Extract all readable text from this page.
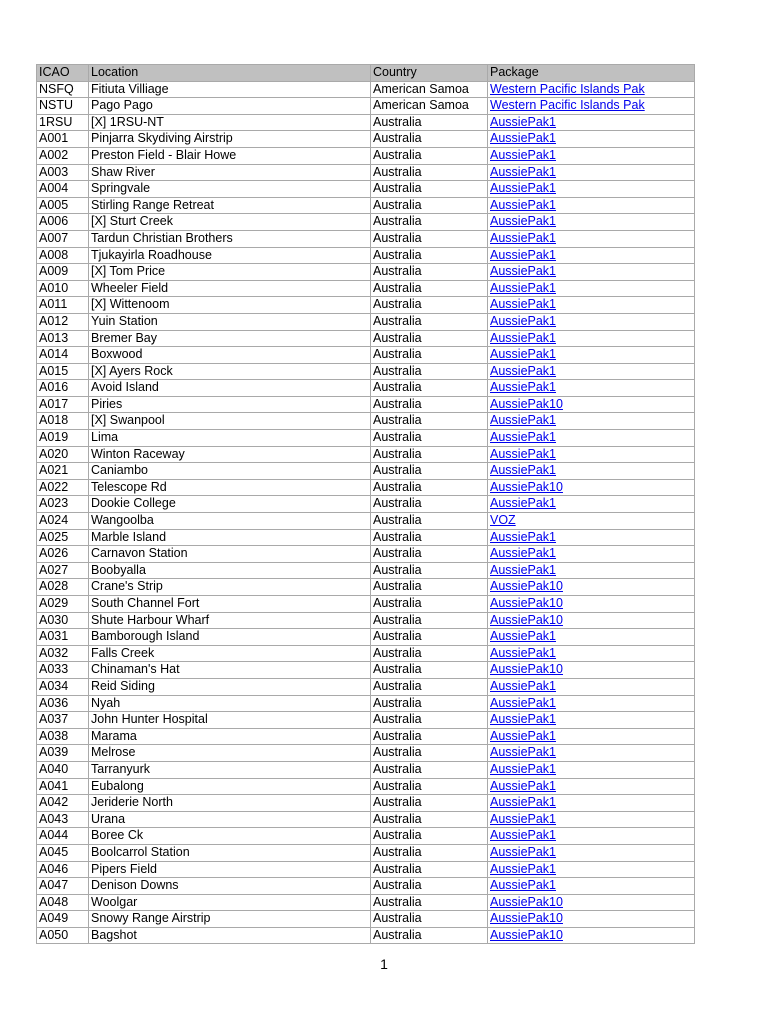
ICAO	Location	Country	Package
NSFQ	Fitiuta Villiage	American Samoa	Western Pacific Islands Pak
NSTU	Pago Pago	American Samoa	Western Pacific Islands Pak
1RSU	[X] 1RSU-NT	Australia	AussiePak1
A001	Pinjarra Skydiving Airstrip	Australia	AussiePak1
A002	Preston Field - Blair Howe	Australia	AussiePak1
A003	Shaw River	Australia	AussiePak1
A004	Springvale	Australia	AussiePak1
A005	Stirling Range Retreat	Australia	AussiePak1
A006	[X] Sturt Creek	Australia	AussiePak1
A007	Tardun Christian Brothers	Australia	AussiePak1
A008	Tjukayirla Roadhouse	Australia	AussiePak1
A009	[X] Tom Price	Australia	AussiePak1
A010	Wheeler Field	Australia	AussiePak1
A011	[X] Wittenoom	Australia	AussiePak1
A012	Yuin Station	Australia	AussiePak1
A013	Bremer Bay	Australia	AussiePak1
A014	Boxwood	Australia	AussiePak1
A015	[X] Ayers Rock	Australia	AussiePak1
A016	Avoid Island	Australia	AussiePak1
A017	Piries	Australia	AussiePak10
A018	[X] Swanpool	Australia	AussiePak1
A019	Lima	Australia	AussiePak1
A020	Winton Raceway	Australia	AussiePak1
A021	Caniambo	Australia	AussiePak1
A022	Telescope Rd	Australia	AussiePak10
A023	Dookie College	Australia	AussiePak1
A024	Wangoolba	Australia	VOZ
A025	Marble Island	Australia	AussiePak1
A026	Carnavon Station	Australia	AussiePak1
A027	Boobyalla	Australia	AussiePak1
A028	Crane's Strip	Australia	AussiePak10
A029	South Channel Fort	Australia	AussiePak10
A030	Shute Harbour Wharf	Australia	AussiePak10
A031	Bamborough Island	Australia	AussiePak1
A032	Falls Creek	Australia	AussiePak1
A033	Chinaman's Hat	Australia	AussiePak10
A034	Reid Siding	Australia	AussiePak1
A036	Nyah	Australia	AussiePak1
A037	John Hunter Hospital	Australia	AussiePak1
A038	Marama	Australia	AussiePak1
A039	Melrose	Australia	AussiePak1
A040	Tarranyurk	Australia	AussiePak1
A041	Eubalong	Australia	AussiePak1
A042	Jeriderie North	Australia	AussiePak1
A043	Urana	Australia	AussiePak1
A044	Boree Ck	Australia	AussiePak1
A045	Boolcarrol Station	Australia	AussiePak1
A046	Pipers Field	Australia	AussiePak1
A047	Denison Downs	Australia	AussiePak1
A048	Woolgar	Australia	AussiePak10
A049	Snowy Range Airstrip	Australia	AussiePak10
A050	Bagshot	Australia	AussiePak10
1
